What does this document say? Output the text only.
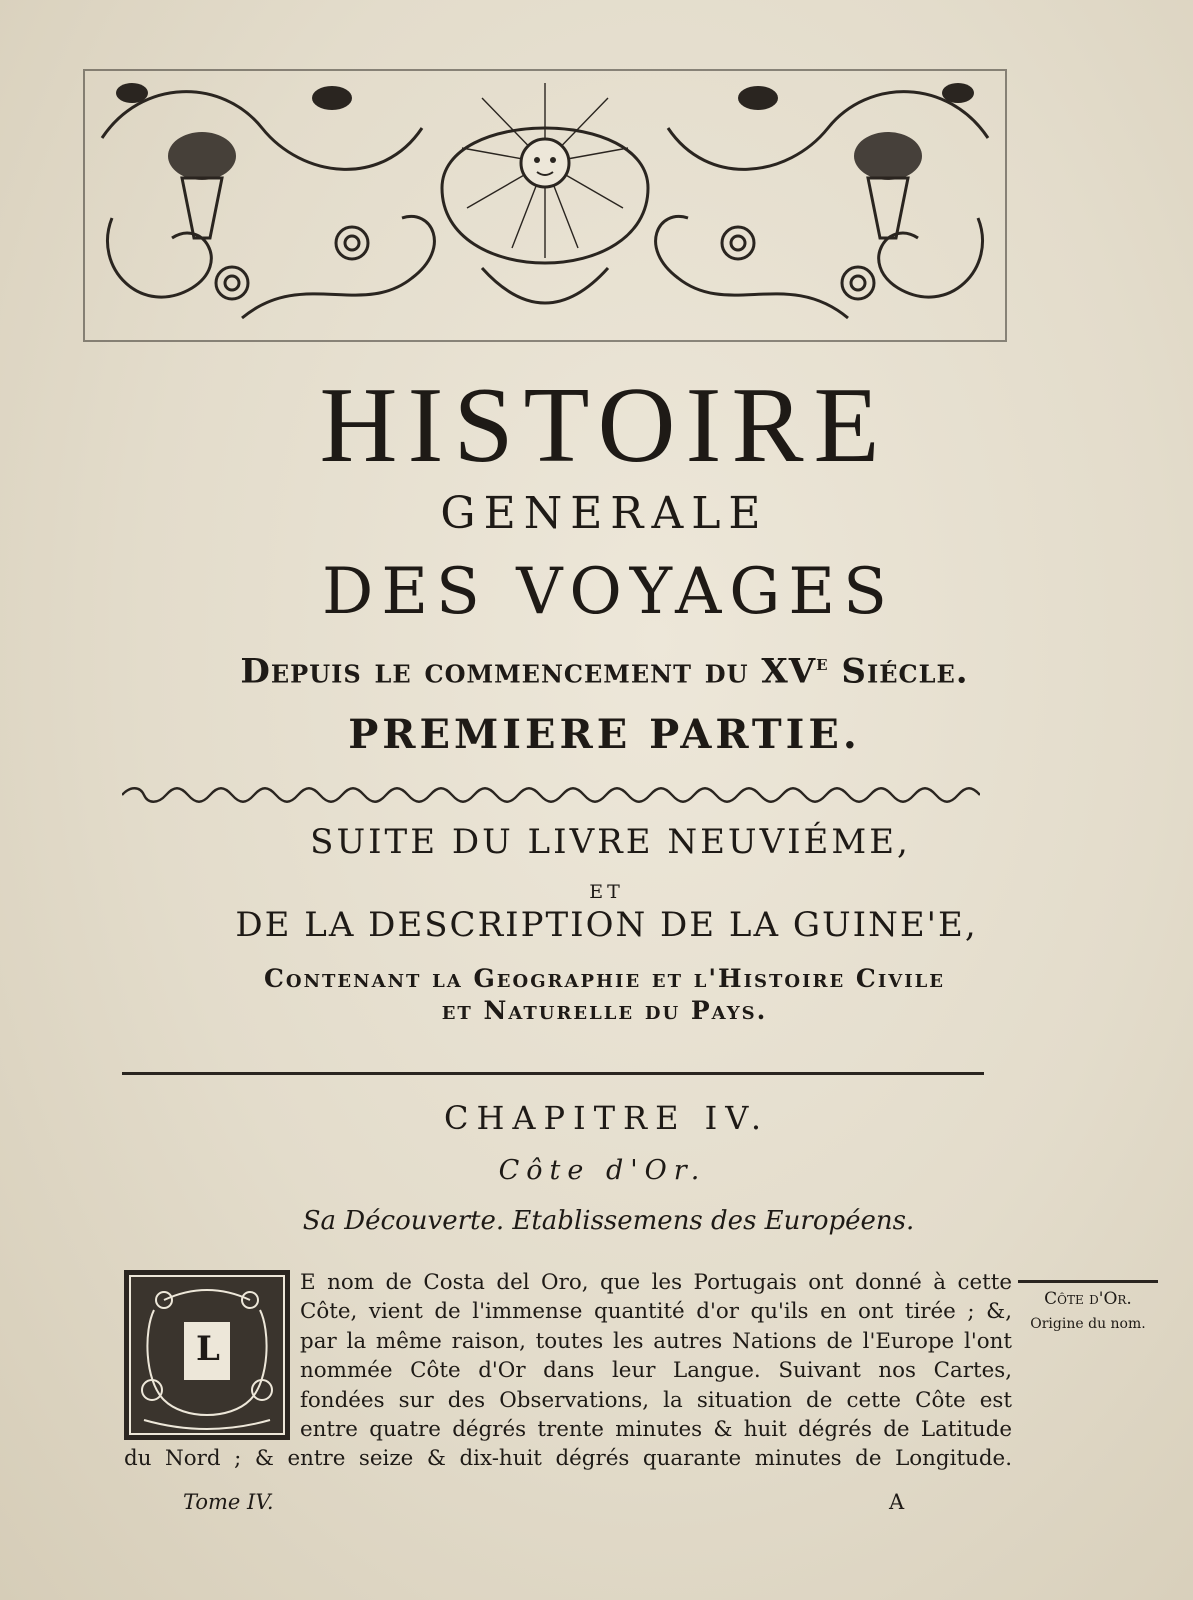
HISTOIRE
GENERALE
DES VOYAGES
Depuis le commencement du XVe Siécle.
PREMIERE PARTIE.
SUITE DU LIVRE NEUVIÉME,
ET
DE LA DESCRIPTION DE LA GUINE'E,
Contenant la Geographie et l'Histoire Civile
et Naturelle du Pays.
CHAPITRE IV.
Côte d'Or.
Sa Découverte. Etablissemens des Européens.
E nom de Costa del Oro, que les Portugais ont donné à cette
Côte, vient de l'immense quantité d'or qu'ils en ont tirée ; &,
par la même raison, toutes les autres Nations de l'Europe l'ont
nommée Côte d'Or dans leur Langue. Suivant nos Cartes,
fondées sur des Observations, la situation de cette Côte est
entre quatre dégrés trente minutes & huit dégrés de Latitude
du Nord ; & entre seize & dix-huit dégrés quarante minutes de Longitude.
L
Côte d'Or.
Origine du nom.
Tome IV.	A
